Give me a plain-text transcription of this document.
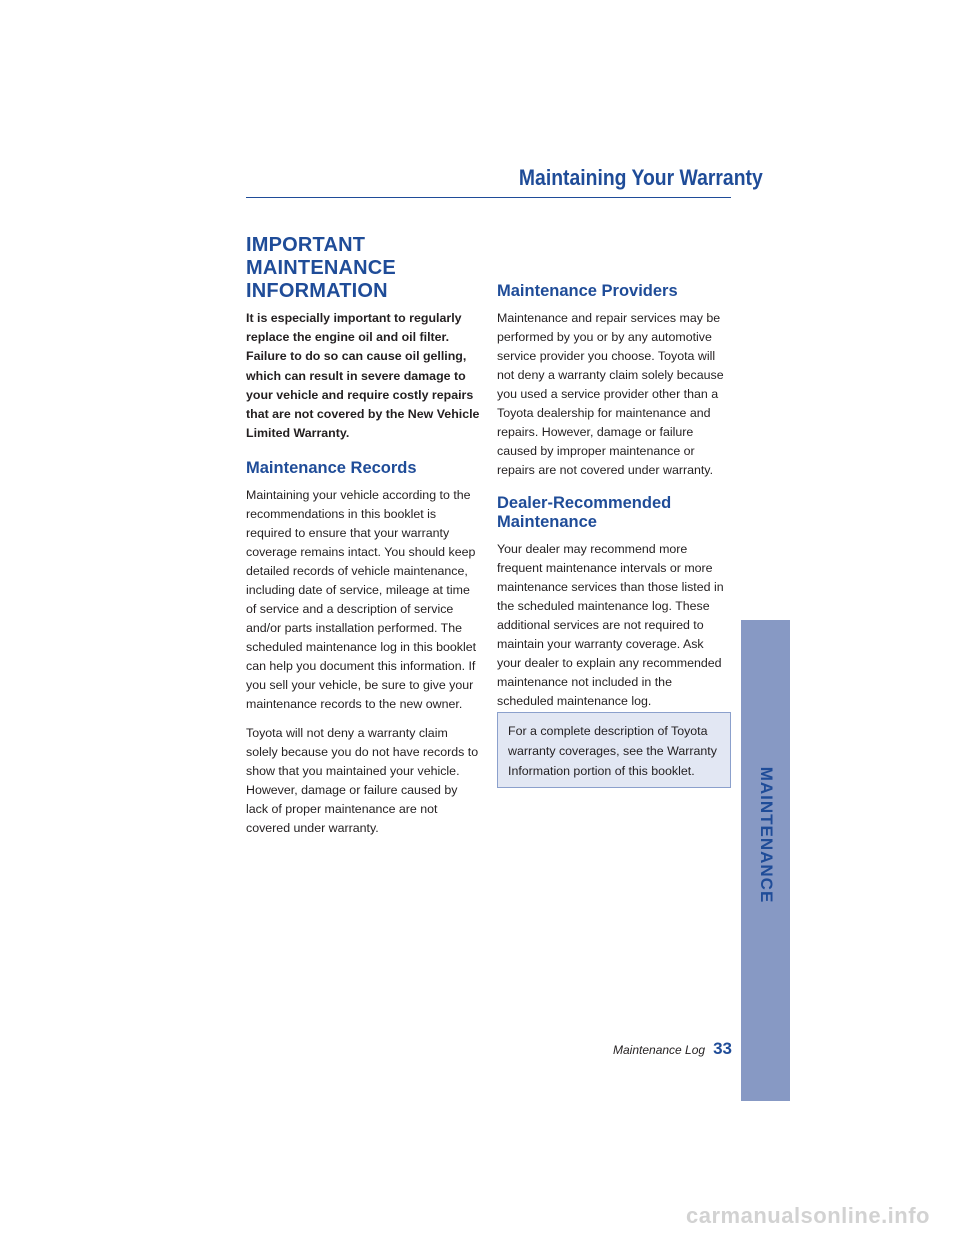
Maintaining Your Warranty
IMPORTANT MAINTENANCE INFORMATION

It is especially important to regularly replace the engine oil and oil filter. Failure to do so can cause oil gelling, which can result in severe damage to your vehicle and require costly repairs that are not covered by the New Vehicle Limited Warranty.

Maintenance Records

Maintaining your vehicle according to the recommendations in this booklet is required to ensure that your warranty coverage remains intact. You should keep detailed records of vehicle maintenance, including date of service, mileage at time of service and a description of service and/or parts installation performed. The scheduled maintenance log in this booklet can help you document this information. If you sell your vehicle, be sure to give your maintenance records to the new owner.

Toyota will not deny a warranty claim solely because you do not have records to show that you maintained your vehicle. However, damage or failure caused by lack of proper maintenance are not covered under warranty.

Maintenance Providers

Maintenance and repair services may be performed by you or by any automotive service provider you choose. Toyota will not deny a warranty claim solely because you used a service provider other than a Toyota dealership for maintenance and repairs. However, damage or failure caused by improper maintenance or repairs are not covered under warranty.

Dealer-Recommended Maintenance

Your dealer may recommend more frequent maintenance intervals or more maintenance services than those listed in the scheduled maintenance log. These additional services are not required to maintain your warranty coverage. Ask your dealer to explain any recommended maintenance not included in the scheduled maintenance log.

For a complete description of Toyota warranty coverages, see the Warranty Information portion of this booklet.	MAINTENANCE
Maintenance Log 33
carmanualsonline.info
